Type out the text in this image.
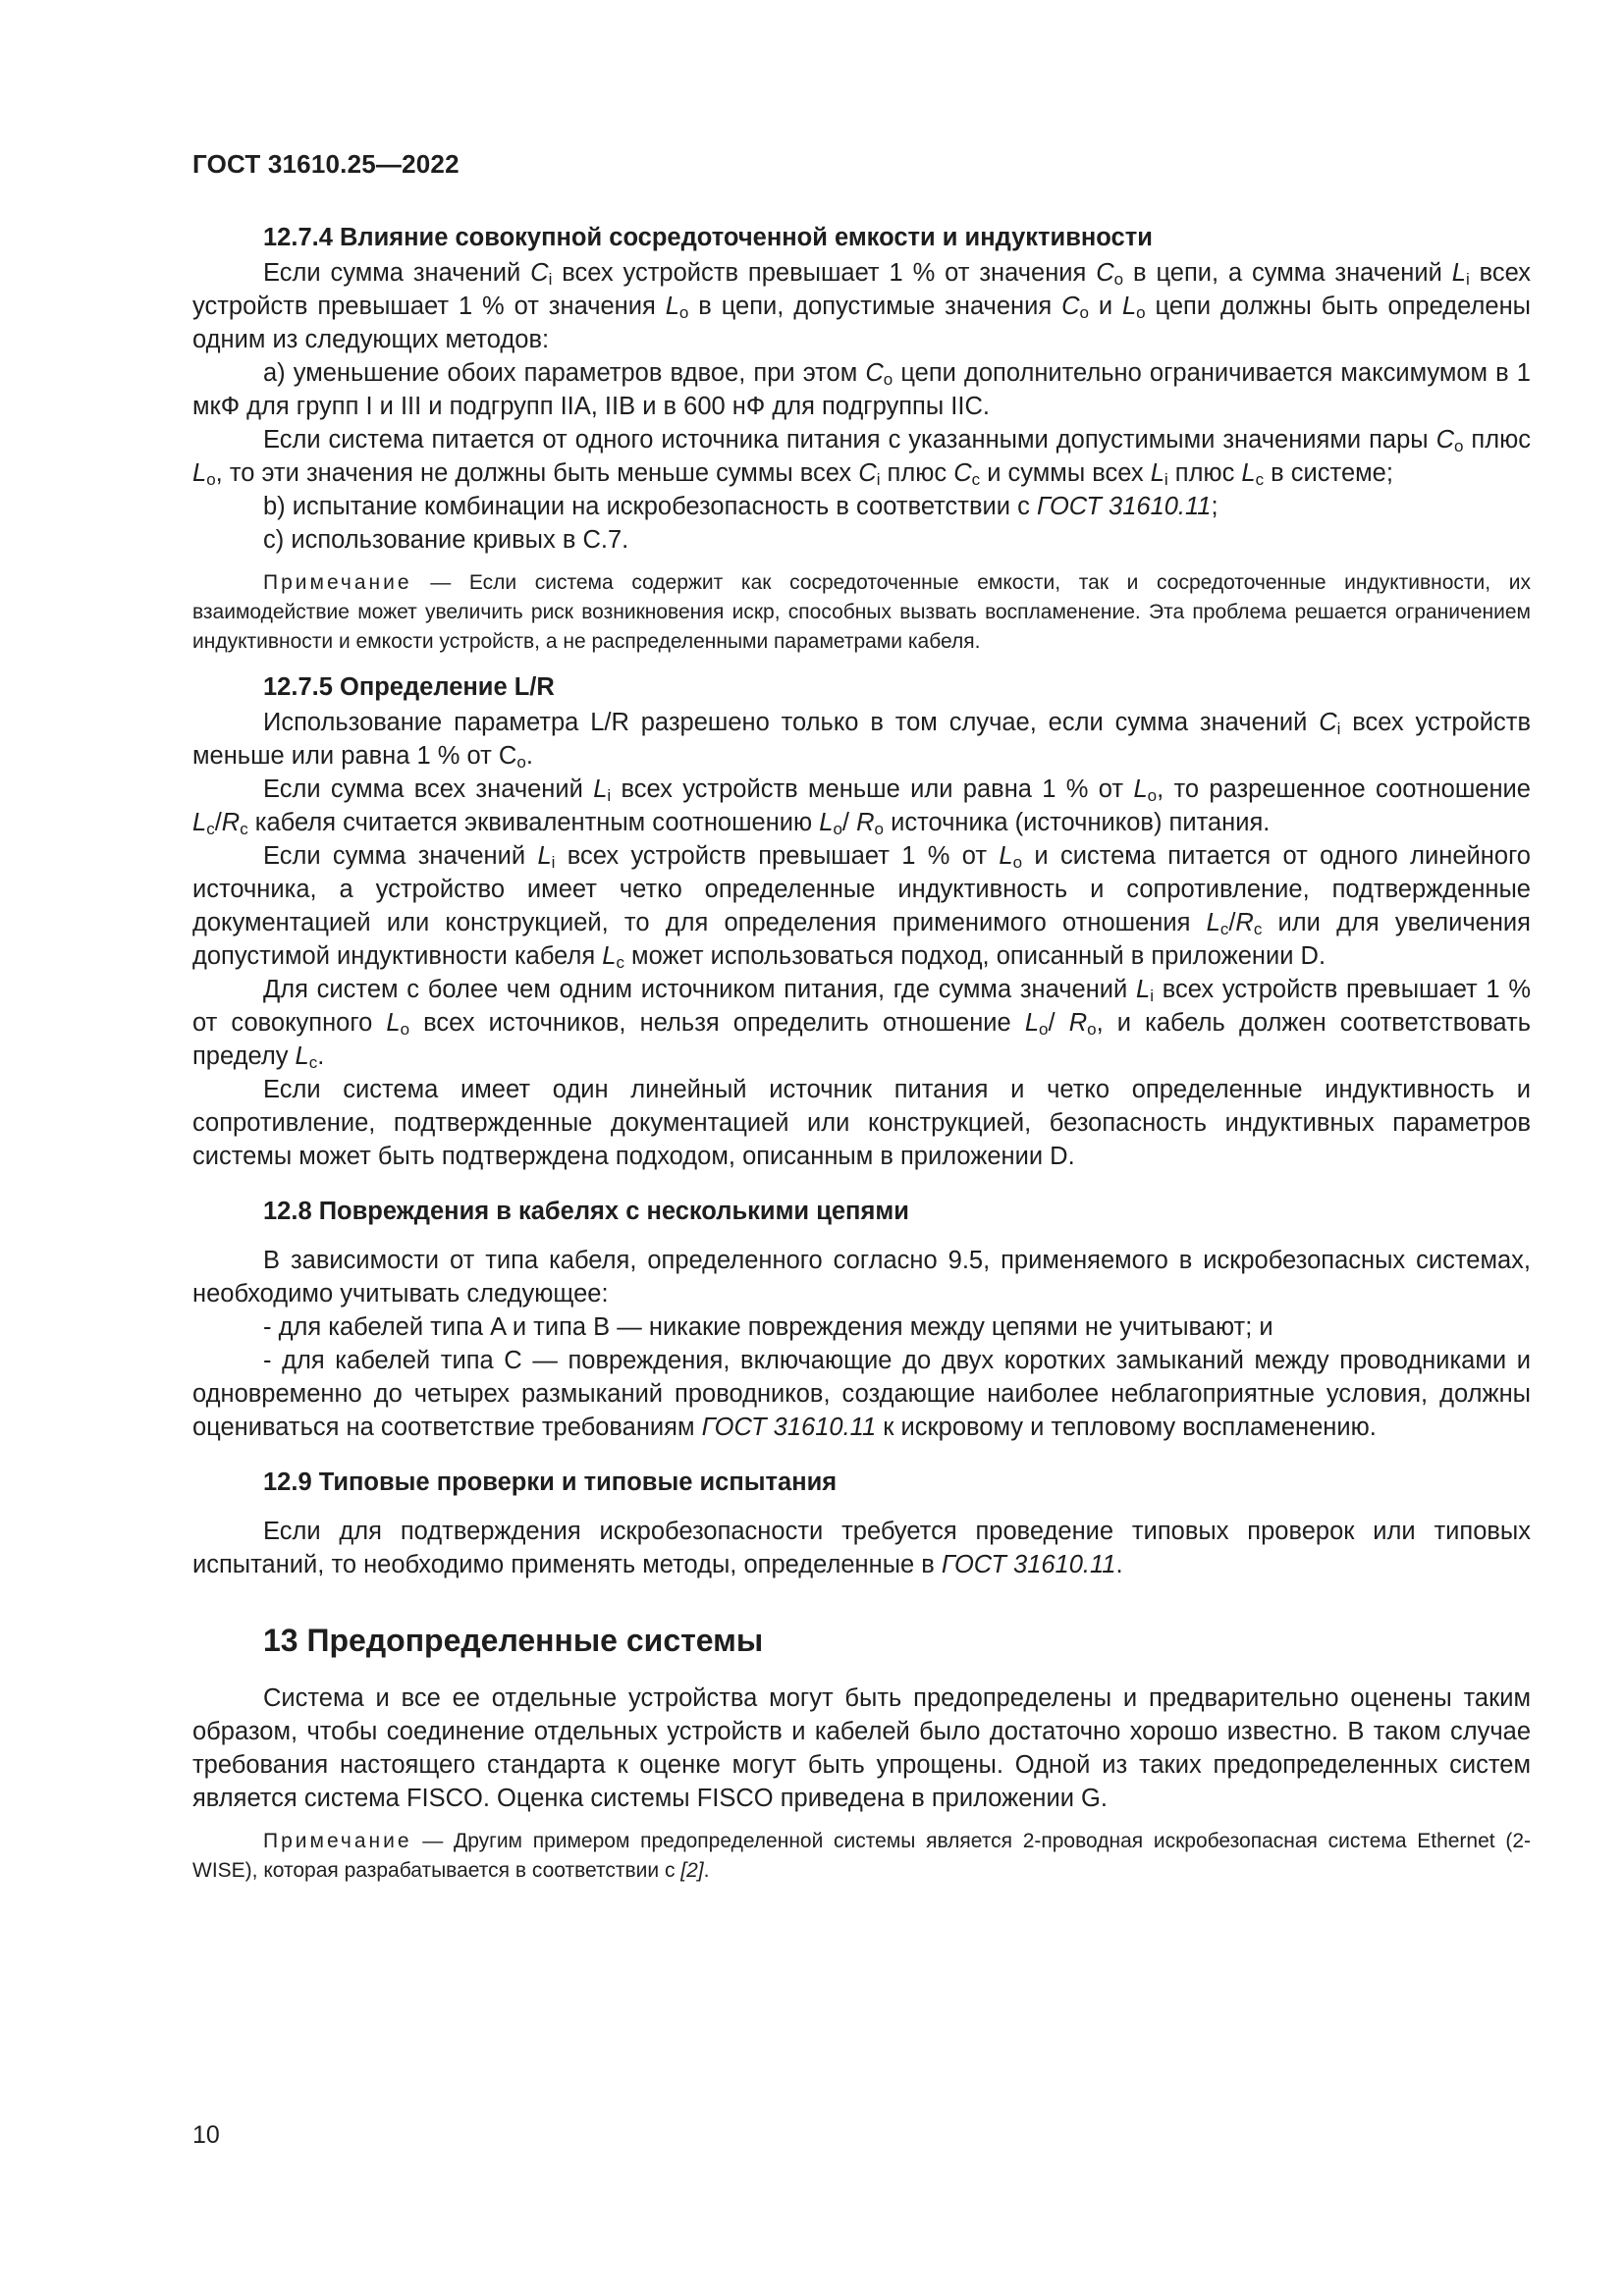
ГОСТ 31610.25—2022
12.7.4 Влияние совокупной сосредоточенной емкости и индуктивности

Если сумма значений $C_i$ всех устройств превышает 1 % от значения $C_o$ в цепи, а сумма значений $L_i$ всех устройств превышает 1 % от значения $L_o$ в цепи, допустимые значения $C_o$ и $L_o$ цепи должны быть определены одним из следующих методов:

a) уменьшение обоих параметров вдвое, при этом $C_o$ цепи дополнительно ограничивается максимумом в 1 мкФ для групп I и III и подгрупп IIA, IIB и в 600 нФ для подгруппы IIC.

Если система питается от одного источника питания с указанными допустимыми значениями пары $C_o$ плюс $L_o$, то эти значения не должны быть меньше суммы всех $C_i$ плюс $C_c$ и суммы всех $L_i$ плюс $L_c$ в системе;

b) испытание комбинации на искробезопасность в соответствии с ГОСТ 31610.11;

c) использование кривых в С.7.

Примечание — Если система содержит как сосредоточенные емкости, так и сосредоточенные индуктивности, их взаимодействие может увеличить риск возникновения искр, способных вызвать воспламенение. Эта проблема решается ограничением индуктивности и емкости устройств, а не распределенными параметрами кабеля.
12.7.5 Определение L/R

Использование параметра L/R разрешено только в том случае, если сумма значений $C_i$ всех устройств меньше или равна 1 % от $C_o$.

Если сумма всех значений $L_i$ всех устройств меньше или равна 1 % от $L_o$, то разрешенное соотношение $L_c/R_c$ кабеля считается эквивалентным соотношению $L_o/$ $R_o$ источника (источников) питания.

Если сумма значений $L_i$ всех устройств превышает 1 % от $L_o$ и система питается от одного линейного источника, а устройство имеет четко определенные индуктивность и сопротивление, подтвержденные документацией или конструкцией, то для определения применимого отношения $L_c/R_c$ или для увеличения допустимой индуктивности кабеля $L_c$ может использоваться подход, описанный в приложении D.

Для систем с более чем одним источником питания, где сумма значений $L_i$ всех устройств превышает 1 % от совокупного $L_o$ всех источников, нельзя определить отношение $L_o/$ $R_o$, и кабель должен соответствовать пределу $L_c$.

Если система имеет один линейный источник питания и четко определенные индуктивность и сопротивление, подтвержденные документацией или конструкцией, безопасность индуктивных параметров системы может быть подтверждена подходом, описанным в приложении D.

12.8 Повреждения в кабелях с несколькими цепями

В зависимости от типа кабеля, определенного согласно 9.5, применяемого в искробезопасных системах, необходимо учитывать следующее:

- для кабелей типа A и типа B — никакие повреждения между цепями не учитывают; и

- для кабелей типа C — повреждения, включающие до двух коротких замыканий между проводниками и одновременно до четырех размыканий проводников, создающие наиболее неблагоприятные условия, должны оцениваться на соответствие требованиям ГОСТ 31610.11 к искровому и тепловому воспламенению.

12.9 Типовые проверки и типовые испытания

Если для подтверждения искробезопасности требуется проведение типовых проверок или типовых испытаний, то необходимо применять методы, определенные в ГОСТ 31610.11.

13 Предопределенные системы

Система и все ее отдельные устройства могут быть предопределены и предварительно оценены таким образом, чтобы соединение отдельных устройств и кабелей было достаточно хорошо известно. В таком случае требования настоящего стандарта к оценке могут быть упрощены. Одной из таких предопределенных систем является система FISCO. Оценка системы FISCO приведена в приложении G.

Примечание — Другим примером предопределенной системы является 2-проводная искробезопасная система Ethernet (2-WISE), которая разрабатывается в соответствии с [2].
10
